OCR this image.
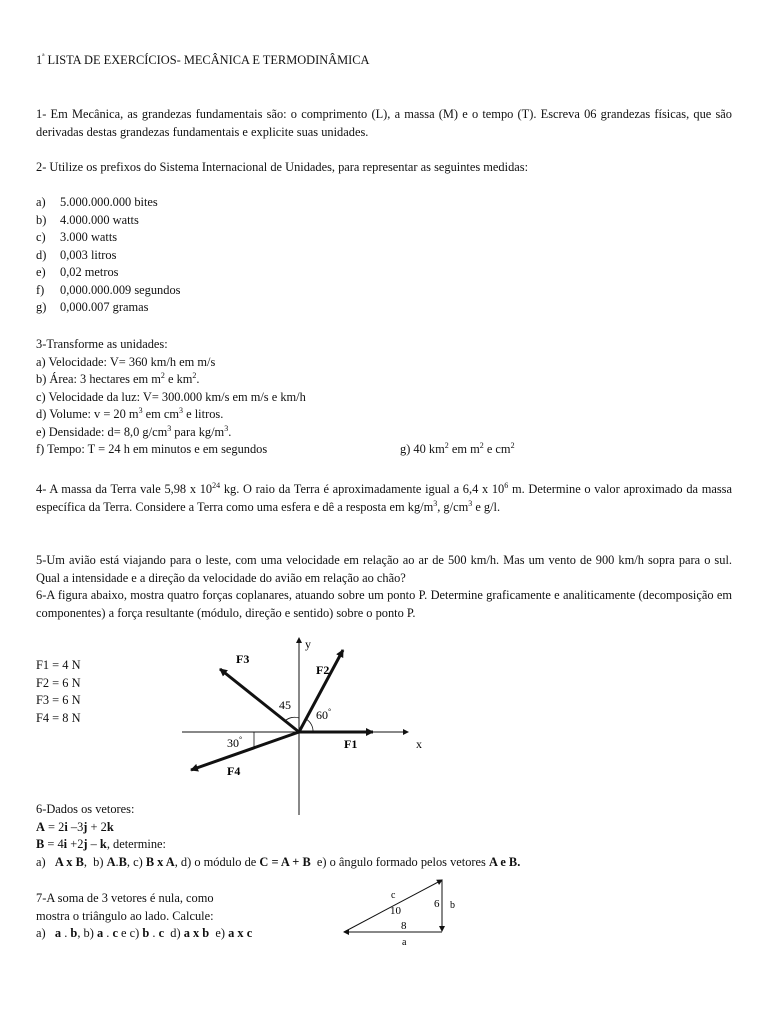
$1^ª$ LISTA DE EXERCÍCIOS- MECÂNICA E TERMODINÂMICA

1- Em Mecânica, as grandezas fundamentais são: o comprimento (L), a massa (M) e o tempo (T). Escreva 06 grandezas físicas, que são derivadas destas grandezas fundamentais e explicite suas unidades.

2- Utilize os prefixos do Sistema Internacional de Unidades, para representar as seguintes medidas:

a) 5.000.000.000 bites
b) 4.000.000 watts
c) 3.000 watts
d) 0,003 litros
e) 0,02 metros
f) 0,000.000.009 segundos
g) 0,000.007 gramas
3-Transforme as unidades:
a) Velocidade: V= 360 km/h em m/s
b) Área: 3 hectares em $m^2$ e $km^2$.
c) Velocidade da luz: V= 300.000 km/s em m/s e km/h
d) Volume: v = 20 $m^3$ em $cm^3$ e litros.
e) Densidade: d= 8,0 $g/cm^3$ para $kg/m^3$.
f) Tempo: T = 24 h em minutos e em segundos	g) 40 $km^2$ em $m^2$ e $cm^2$

4- A massa da Terra vale 5,98 x $10^{24}$ kg. O raio da Terra é aproximadamente igual a 6,4 x $10^6$ m. Determine o valor aproximado da massa específica da Terra. Considere a Terra como uma esfera e dê a resposta em $kg/m^3$, $g/cm^3$ e g/l.

5-Um avião está viajando para o leste, com uma velocidade em relação ao ar de 500 km/h. Mas um vento de 900 km/h sopra para o sul. Qual a intensidade e a direção da velocidade do avião em relação ao chão?

6-A figura abaixo, mostra quatro forças coplanares, atuando sobre um ponto P. Determine graficamente e analiticamente (decomposição em componentes) a força resultante (módulo, direção e sentido) sobre o ponto P.

F1 = 4 N
F2 = 6 N
F3 = 6 N
F4 = 8 N
y
x
F1
F2
F3
F4
45
60°
30°
6-Dados os vetores:
A = 2i –3j + 2k
B = 4i +2j – k, determine:
a)   A x B,  b) A.B, c) B x A, d) o módulo de C = A + B  e) o ângulo formado pelos vetores A e B.
7-A soma de 3 vetores é nula, como
mostra o triângulo ao lado. Calcule:
a)   a . b, b) a . c e c) b . c  d) a x b  e) a x c
c
10
6 b
8
a
